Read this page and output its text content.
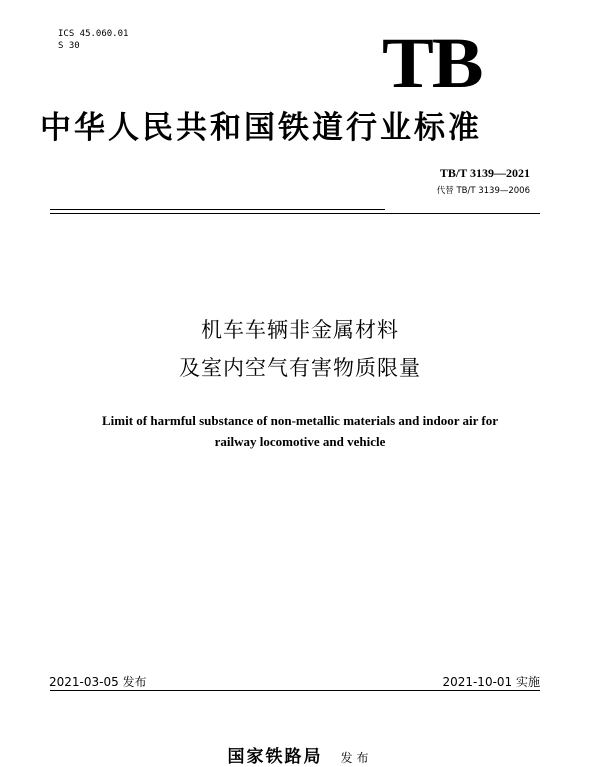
ICS 45.060.01
S 30	TB
中华人民共和国铁道行业标准
TB/T 3139—2021
代替 TB/T 3139—2006
机车车辆非金属材料
及室内空气有害物质限量
Limit of harmful substance of non-metallic materials and indoor air for
railway locomotive and vehicle
2021-03-05 发布	2021-10-01 实施
国家铁路局 发布
